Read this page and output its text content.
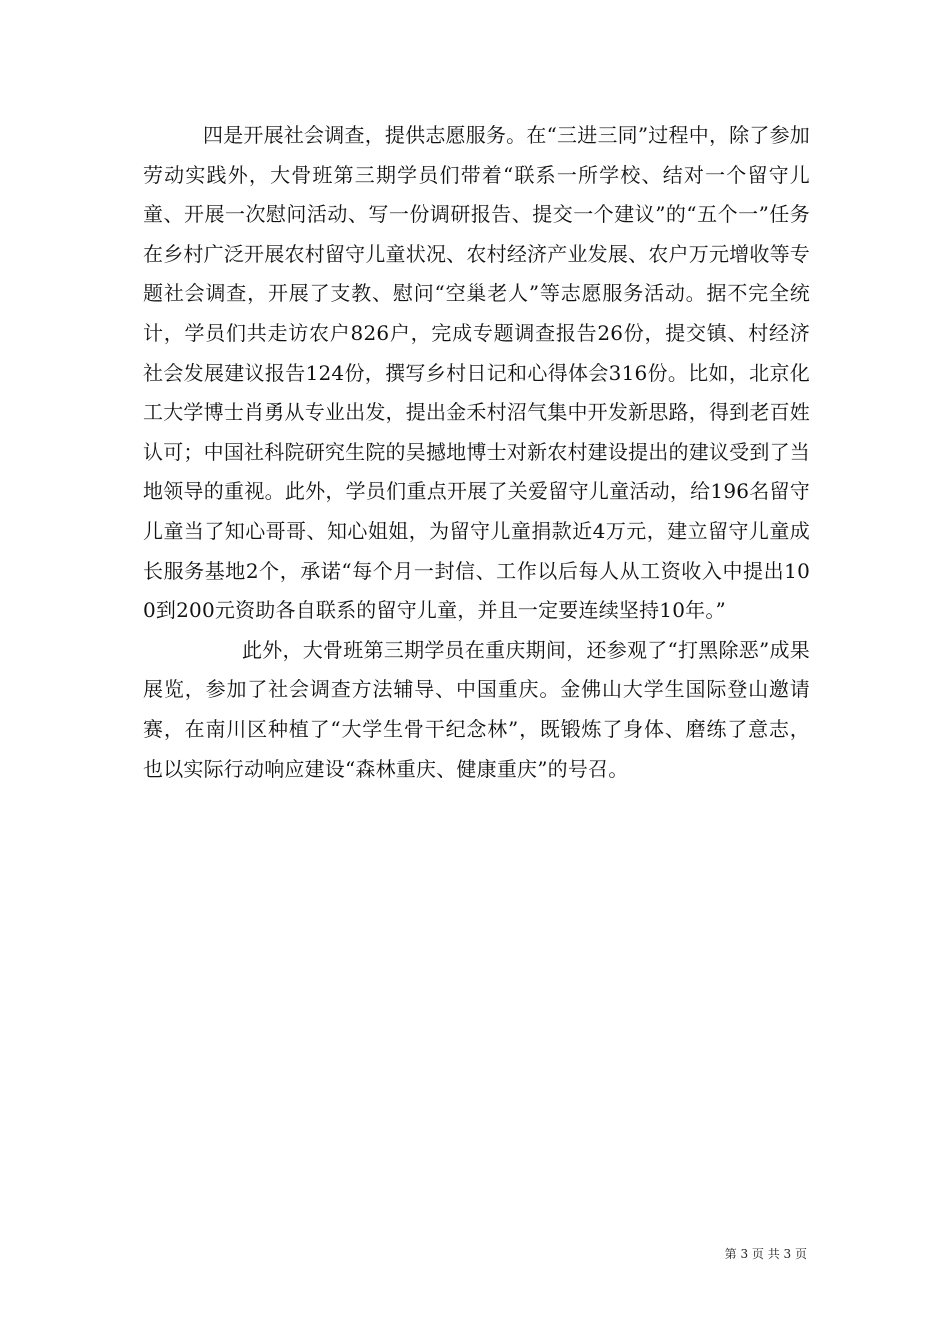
四是开展社会调查，提供志愿服务。在“三进三同”过程中，除了参加劳动实践外，大骨班第三期学员们带着“联系一所学校、结对一个留守儿童、开展一次慰问活动、写一份调研报告、提交一个建议”的“五个一”任务在乡村广泛开展农村留守儿童状况、农村经济产业发展、农户万元增收等专题社会调查，开展了支教、慰问“空巢老人”等志愿服务活动。据不完全统计，学员们共走访农户826户，完成专题调查报告26份，提交镇、村经济社会发展建议报告124份，撰写乡村日记和心得体会316份。比如，北京化工大学博士肖勇从专业出发，提出金禾村沼气集中开发新思路，得到老百姓认可；中国社科院研究生院的吴撼地博士对新农村建设提出的建议受到了当地领导的重视。此外，学员们重点开展了关爱留守儿童活动，给196名留守儿童当了知心哥哥、知心姐姐，为留守儿童捐款近4万元，建立留守儿童成长服务基地2个，承诺“每个月一封信、工作以后每人从工资收入中提出100到200元资助各自联系的留守儿童，并且一定要连续坚持10年。”

此外，大骨班第三期学员在重庆期间，还参观了“打黑除恶”成果展览，参加了社会调查方法辅导、中国重庆。金佛山大学生国际登山邀请赛，在南川区种植了“大学生骨干纪念林”，既锻炼了身体、磨练了意志，也以实际行动响应建设“森林重庆、健康重庆”的号召。

第 3 页 共 3 页
